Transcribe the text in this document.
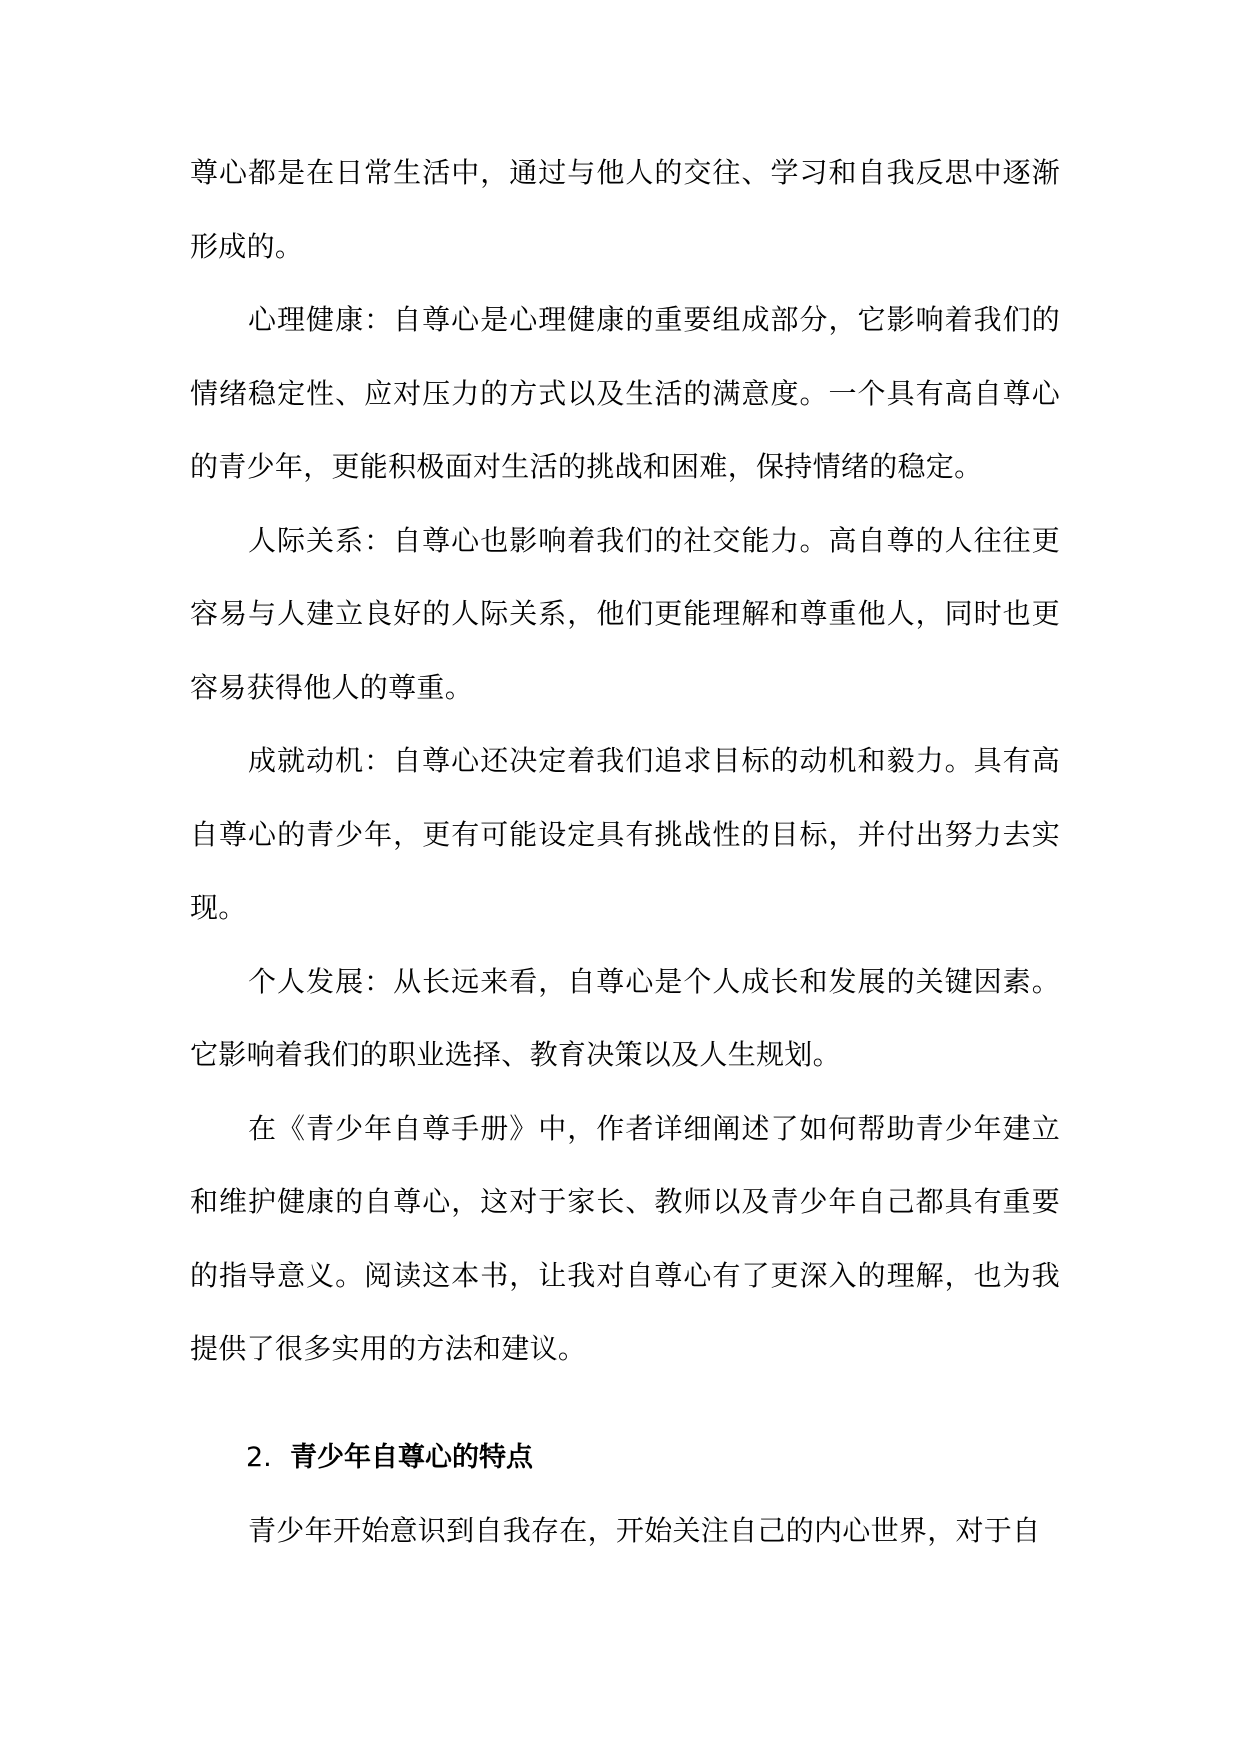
尊心都是在日常生活中，通过与他人的交往、学习和自我反思中逐渐形成的。

心理健康：自尊心是心理健康的重要组成部分，它影响着我们的情绪稳定性、应对压力的方式以及生活的满意度。一个具有高自尊心的青少年，更能积极面对生活的挑战和困难，保持情绪的稳定。

人际关系：自尊心也影响着我们的社交能力。高自尊的人往往更容易与人建立良好的人际关系，他们更能理解和尊重他人，同时也更容易获得他人的尊重。

成就动机：自尊心还决定着我们追求目标的动机和毅力。具有高自尊心的青少年，更有可能设定具有挑战性的目标，并付出努力去实现。

个人发展：从长远来看，自尊心是个人成长和发展的关键因素。它影响着我们的职业选择、教育决策以及人生规划。

在《青少年自尊手册》中，作者详细阐述了如何帮助青少年建立和维护健康的自尊心，这对于家长、教师以及青少年自己都具有重要的指导意义。阅读这本书，让我对自尊心有了更深入的理解，也为我提供了很多实用的方法和建议。

2. 青少年自尊心的特点

青少年开始意识到自我存在，开始关注自己的内心世界，对于自
